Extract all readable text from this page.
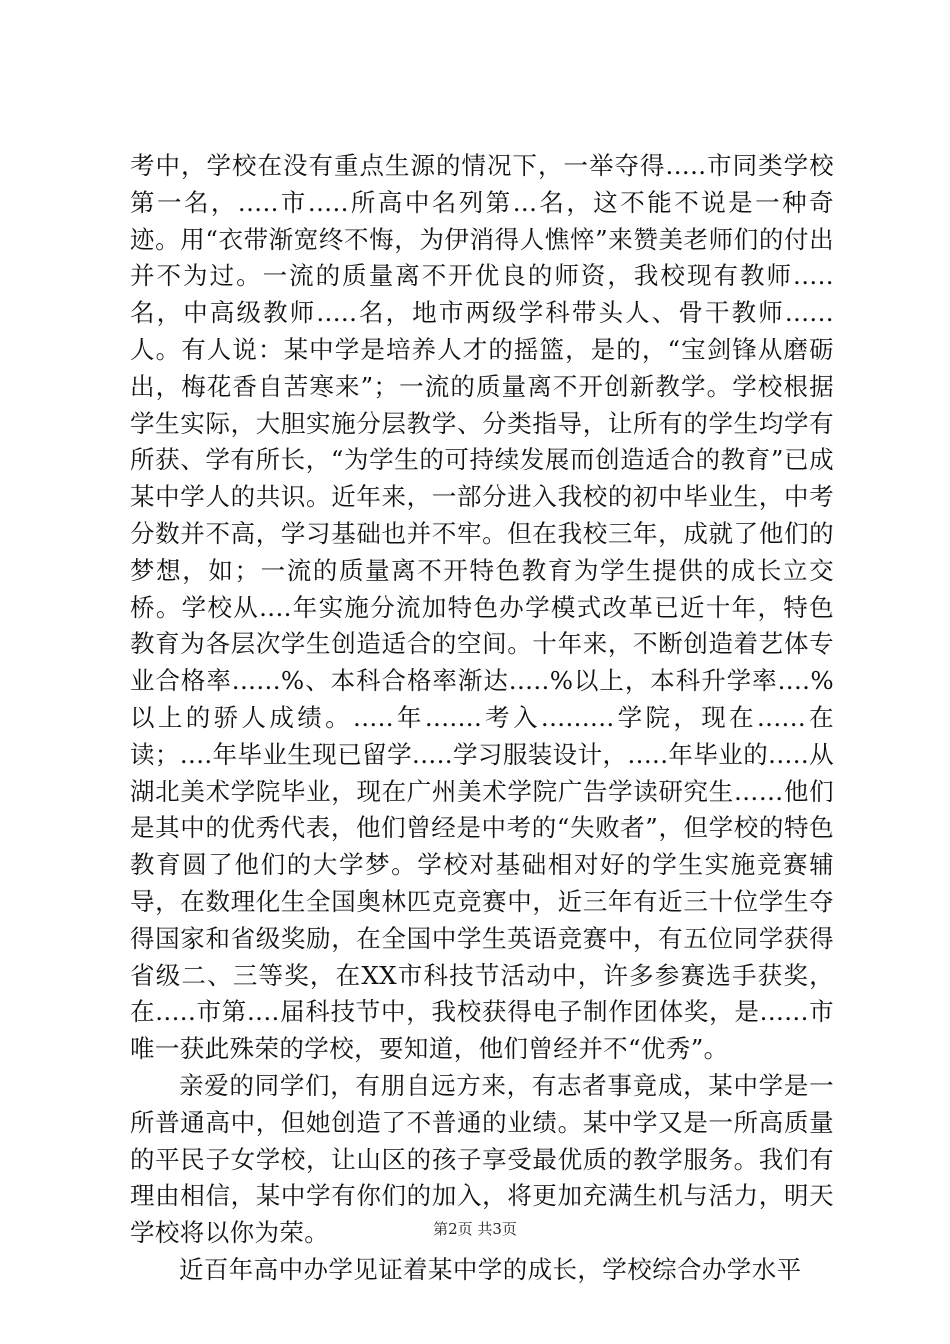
考中，学校在没有重点生源的情况下，一举夺得.....市同类学校第一名，.....市.....所高中名列第...名，这不能不说是一种奇迹。用“衣带渐宽终不悔，为伊消得人憔悴”来赞美老师们的付出并不为过。一流的质量离不开优良的师资，我校现有教师.....名，中高级教师.....名，地市两级学科带头人、骨干教师......人。有人说：某中学是培养人才的摇篮，是的，“宝剑锋从磨砺出，梅花香自苦寒来”；一流的质量离不开创新教学。学校根据学生实际，大胆实施分层教学、分类指导，让所有的学生均学有所获、学有所长，“为学生的可持续发展而创造适合的教育”已成某中学人的共识。近年来，一部分进入我校的初中毕业生，中考分数并不高，学习基础也并不牢。但在我校三年，成就了他们的梦想，如；一流的质量离不开特色教育为学生提供的成长立交桥。学校从....年实施分流加特色办学模式改革已近十年，特色教育为各层次学生创造适合的空间。十年来，不断创造着艺体专业合格率......%、本科合格率渐达.....%以上，本科升学率....%以上的骄人成绩。.....年.......考入.........学院，现在......在读；....年毕业生现已留学.....学习服装设计，.....年毕业的.....从湖北美术学院毕业，现在广州美术学院广告学读研究生……他们是其中的优秀代表，他们曾经是中考的“失败者”，但学校的特色教育圆了他们的大学梦。学校对基础相对好的学生实施竞赛辅导，在数理化生全国奥林匹克竞赛中，近三年有近三十位学生夺得国家和省级奖励，在全国中学生英语竞赛中，有五位同学获得省级二、三等奖，在XX市科技节活动中，许多参赛选手获奖，在.....市第....届科技节中，我校获得电子制作团体奖，是......市唯一获此殊荣的学校，要知道，他们曾经并不“优秀”。

亲爱的同学们，有朋自远方来，有志者事竟成，某中学是一所普通高中，但她创造了不普通的业绩。某中学又是一所高质量的平民子女学校，让山区的孩子享受最优质的教学服务。我们有理由相信，某中学有你们的加入，将更加充满生机与活力，明天学校将以你为荣。

近百年高中办学见证着某中学的成长，学校综合办学水平

第2页 共3页
